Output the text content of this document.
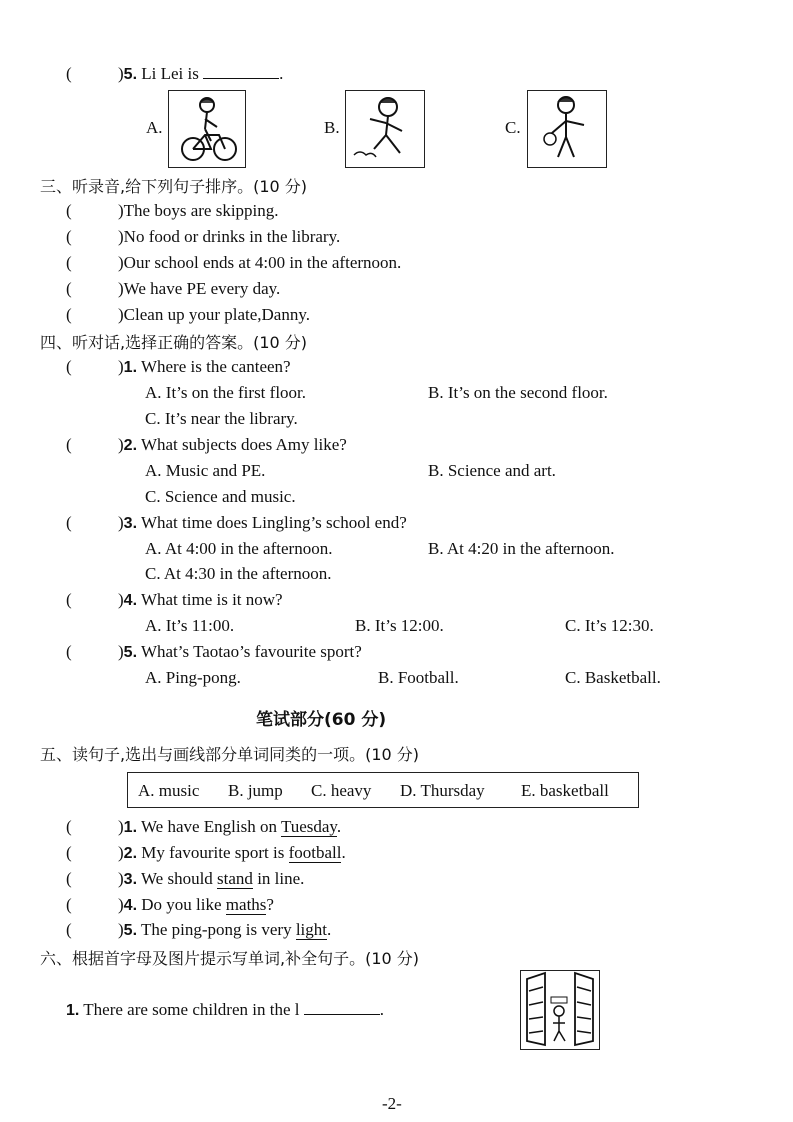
(	)5. Li Lei is	.
A.	B.	C.
三、听录音,给下列句子排序。(10 分)
(	)The boys are skipping.
(	)No food or drinks in the library.
(	)Our school ends at 4:00 in the afternoon.
(	)We have PE every day.
(	)Clean up your plate,Danny.
四、听对话,选择正确的答案。(10 分)
(	)1. Where is the canteen?
A. It’s on the first floor.	B. It’s on the second floor.
C. It’s near the library.
(	)2. What subjects does Amy like?
A. Music and PE.	B. Science and art.
C. Science and music.
(	)3. What time does Lingling’s school end?
A. At 4:00 in the afternoon.	B. At 4:20 in the afternoon.
C. At 4:30 in the afternoon.
(	)4. What time is it now?
A. It’s 11:00.	B. It’s 12:00.	C. It’s 12:30.
(	)5. What’s Taotao’s favourite sport?
A. Ping-pong.	B. Football.	C. Basketball.
笔试部分(60 分)
五、读句子,选出与画线部分单词同类的一项。(10 分)
A. music B. jump C. heavy D. Thursday E. basketball
(	)1. We have English on Tuesday.
(	)2. My favourite sport is football.
(	)3. We should stand in line.
(	)4. Do you like maths?
(	)5. The ping-pong is very light.
六、根据首字母及图片提示写单词,补全句子。(10 分)
1. There are some children in the l	.
-2-
